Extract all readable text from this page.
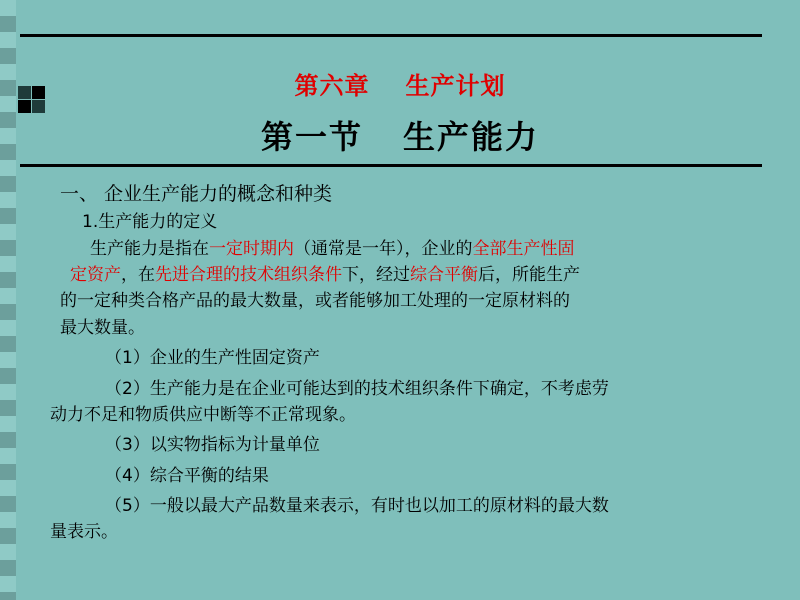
第六章 生产计划
第一节 生产能力
一、 企业生产能力的概念和种类
1.生产能力的定义
生产能力是指在一定时期内（通常是一年），企业的全部生产性固
定资产，在先进合理的技术组织条件下，经过综合平衡后，所能生产
的一定种类合格产品的最大数量，或者能够加工处理的一定原材料的
最大数量。
（1）企业的生产性固定资产
（2）生产能力是在企业可能达到的技术组织条件下确定，不考虑劳
动力不足和物质供应中断等不正常现象。
（3）以实物指标为计量单位
（4）综合平衡的结果
（5）一般以最大产品数量来表示，有时也以加工的原材料的最大数
量表示。
